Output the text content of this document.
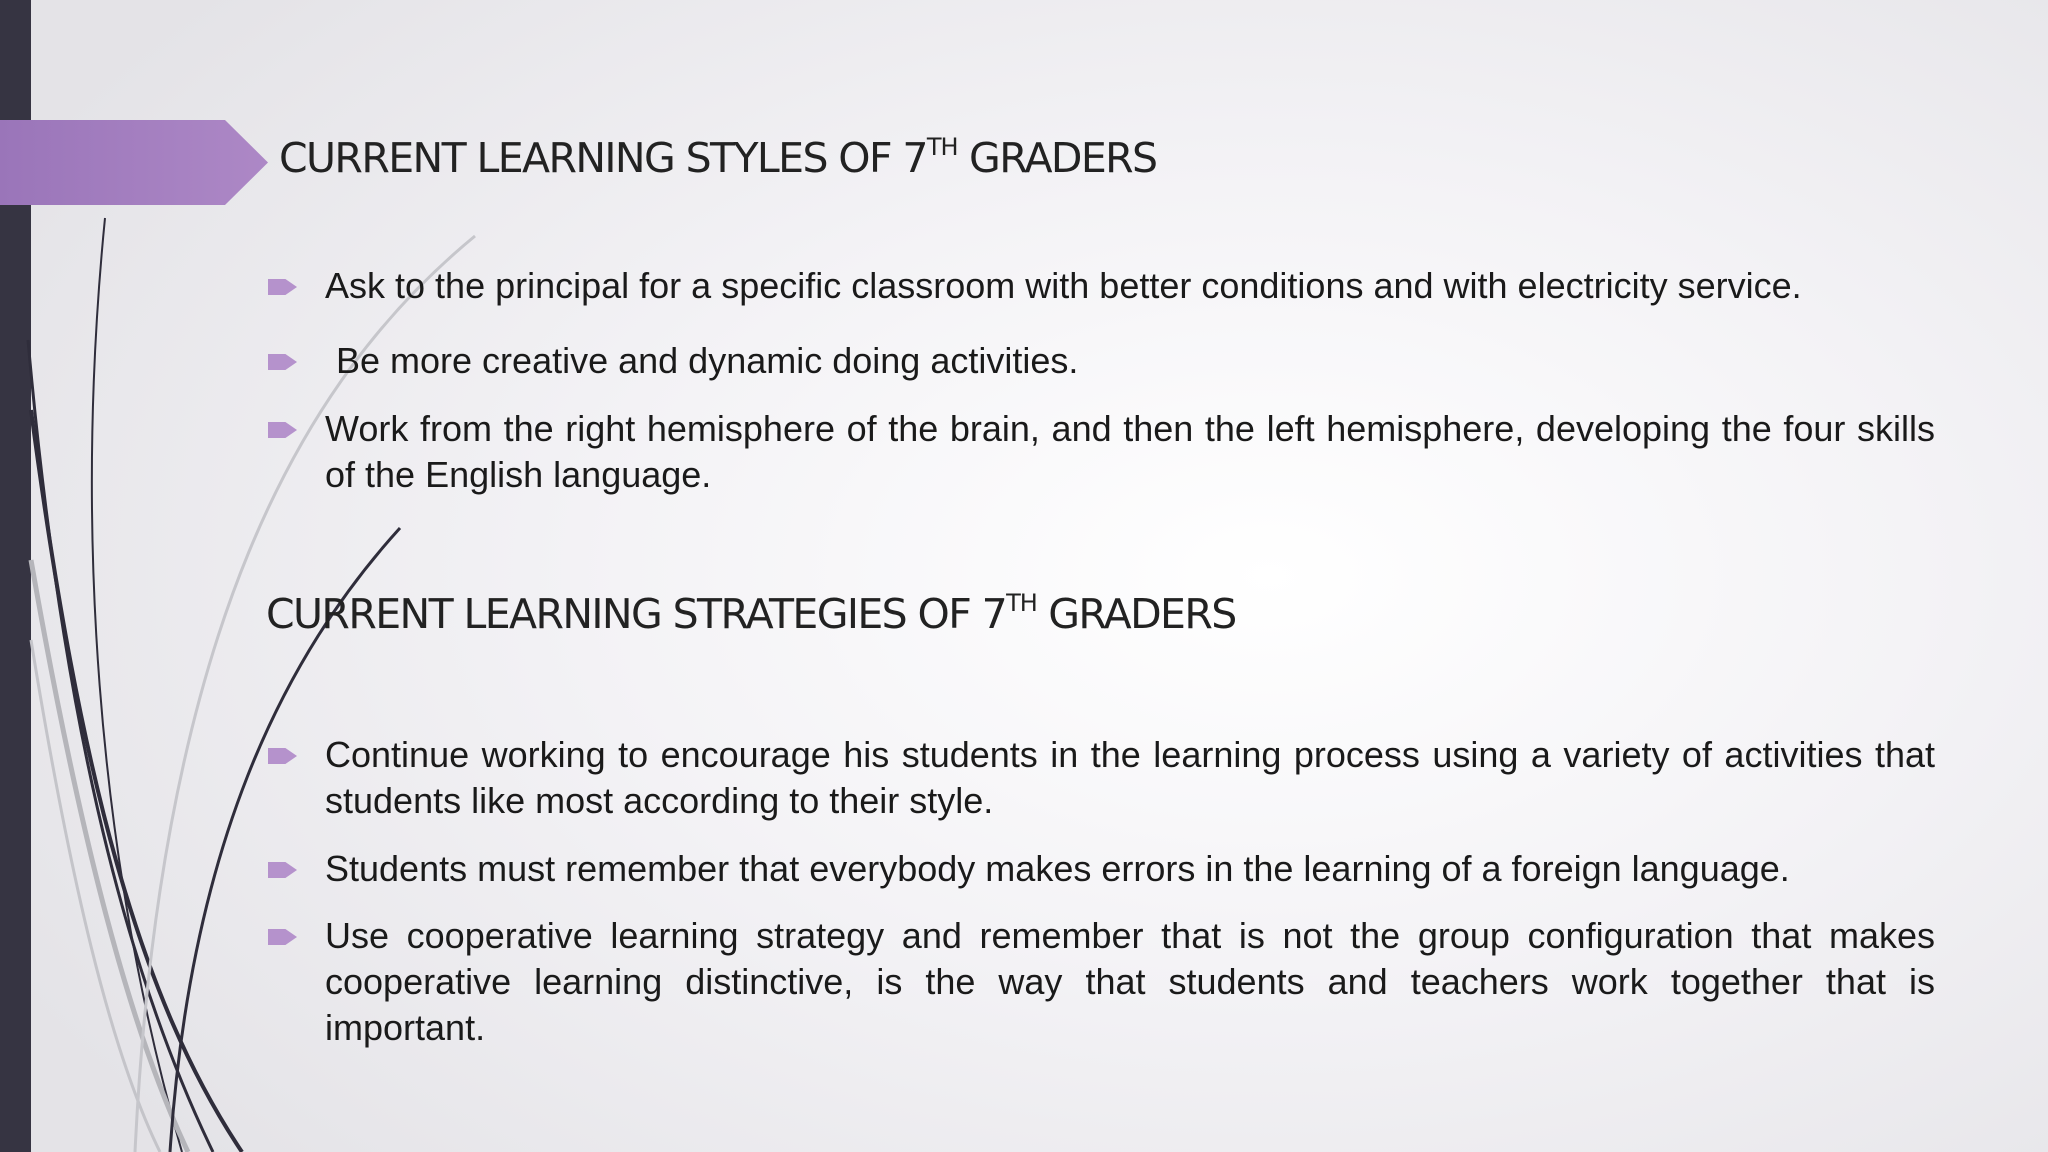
CURRENT LEARNING STYLES OF 7TH GRADERS
Ask to the principal for a specific classroom with better conditions and with electricity service.
Be more creative and dynamic doing activities.
Work from the right hemisphere of the brain, and then the left hemisphere, developing the four skills of the English language.
CURRENT LEARNING STRATEGIES OF 7TH GRADERS
Continue working to encourage his students in the learning process using a variety of activities that students like most according to their style.
Students must remember that everybody makes errors in the learning of a foreign language.
Use cooperative learning strategy and remember that is not the group configuration that makes cooperative learning distinctive, is the way that students and teachers work together that is important.
